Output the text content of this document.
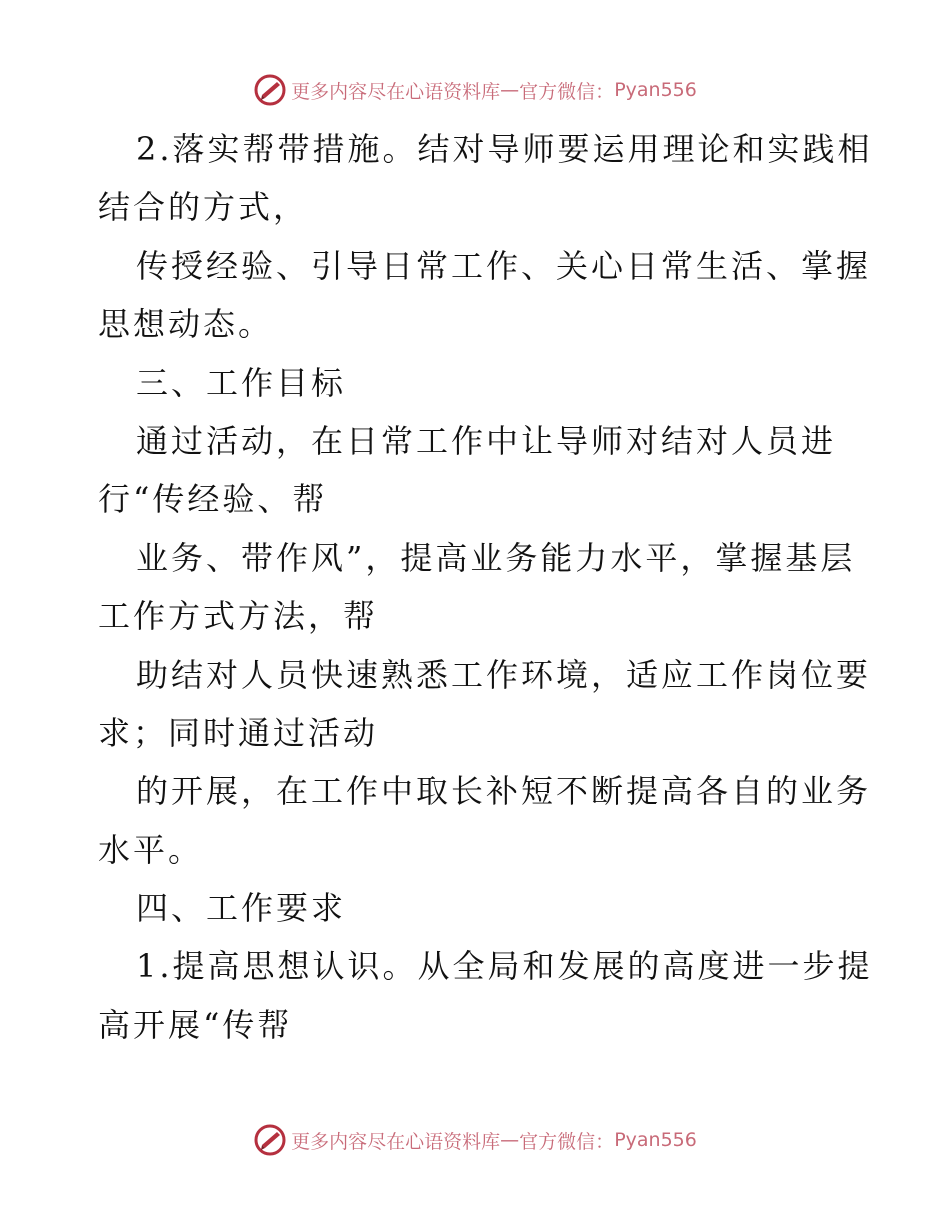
更多内容尽在心语资料库 — 官方微信： Pyan556
2.落实帮带措施。结对导师要运用理论和实践相
结合的方式，
传授经验、引导日常工作、关心日常生活、掌握
思想动态。
三、工作目标
通过活动，在日常工作中让导师对结对人员进
行“传经验、帮
业务、带作风”，提高业务能力水平，掌握基层
工作方式方法，帮
助结对人员快速熟悉工作环境，适应工作岗位要
求；同时通过活动
的开展，在工作中取长补短不断提高各自的业务
水平。
四、工作要求
1.提高思想认识。从全局和发展的高度进一步提
高开展“传帮
更多内容尽在心语资料库 — 官方微信： Pyan556
